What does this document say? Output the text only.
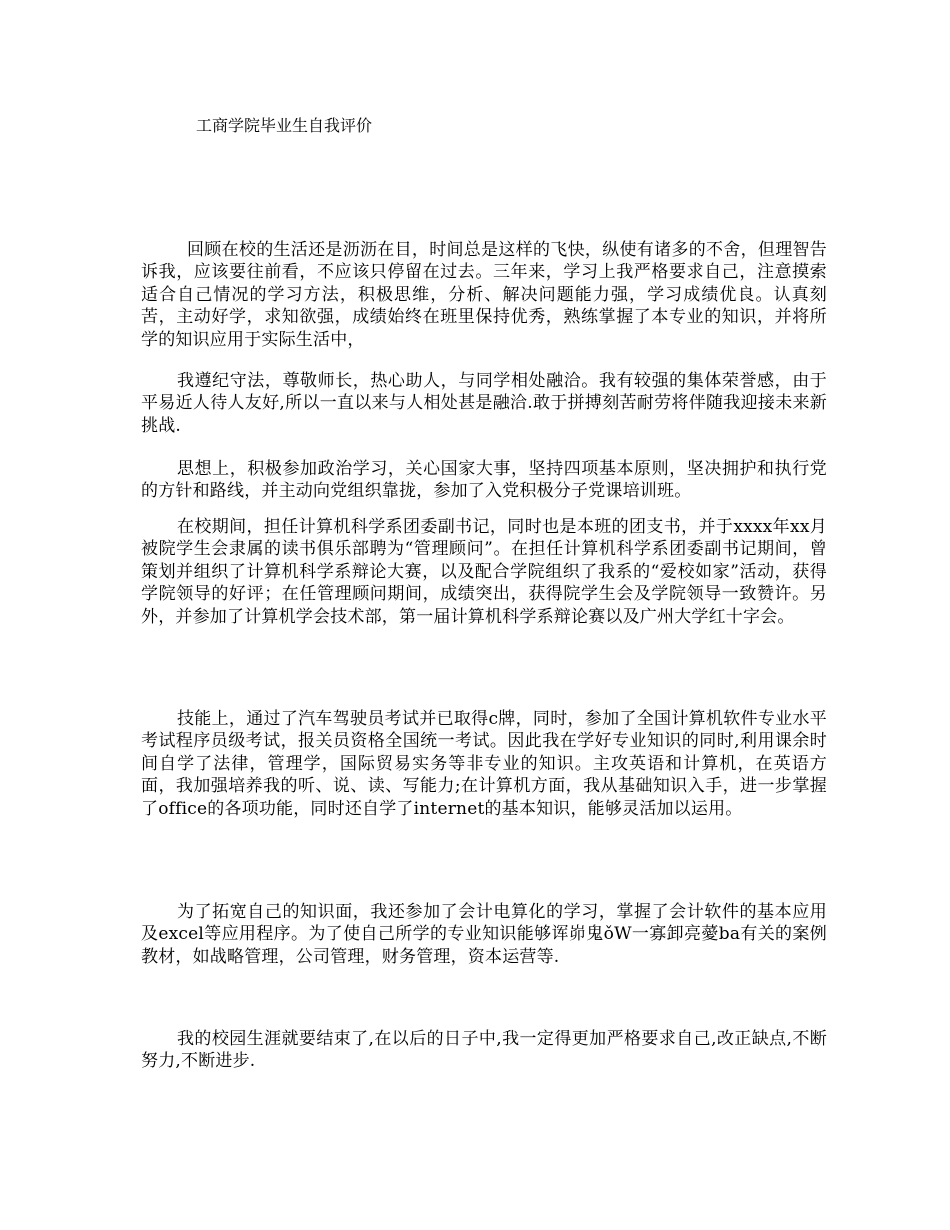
工商学院毕业生自我评价

回顾在校的生活还是沥沥在目，时间总是这样的飞快，纵使有诸多的不舍，但理智告诉我，应该要往前看，不应该只停留在过去。三年来，学习上我严格要求自己，注意摸索适合自己情况的学习方法，积极思维，分析、解决问题能力强，学习成绩优良。认真刻苦，主动好学，求知欲强，成绩始终在班里保持优秀，熟练掌握了本专业的知识，并将所学的知识应用于实际生活中，

我遵纪守法，尊敬师长，热心助人，与同学相处融洽。我有较强的集体荣誉感，由于平易近人待人友好,所以一直以来与人相处甚是融洽.敢于拼搏刻苦耐劳将伴随我迎接未来新挑战.

思想上，积极参加政治学习，关心国家大事，坚持四项基本原则，坚决拥护和执行党的方针和路线，并主动向党组织靠拢，参加了入党积极分子党课培训班。

在校期间，担任计算机科学系团委副书记，同时也是本班的团支书，并于xxxx年xx月被院学生会隶属的读书俱乐部聘为“管理顾问”。在担任计算机科学系团委副书记期间，曾策划并组织了计算机科学系辩论大赛，以及配合学院组织了我系的“爱校如家”活动，获得学院领导的好评；在任管理顾问期间，成绩突出，获得院学生会及学院领导一致赞许。另外，并参加了计算机学会技术部，第一届计算机科学系辩论赛以及广州大学红十字会。

技能上，通过了汽车驾驶员考试并已取得c牌，同时，参加了全国计算机软件专业水平考试程序员级考试，报关员资格全国统一考试。因此我在学好专业知识的同时,利用课余时间自学了法律，管理学，国际贸易实务等非专业的知识。主攻英语和计算机，在英语方面，我加强培养我的听、说、读、写能力;在计算机方面，我从基础知识入手，进一步掌握了office的各项功能，同时还自学了internet的基本知识，能够灵活加以运用。

为了拓宽自己的知识面，我还参加了会计电算化的学习，掌握了会计软件的基本应用及excel等应用程序。为了使自己所学的专业知识能够诨峁鬼ǒW一寡卸亮薆ba有关的案例教材，如战略管理，公司管理，财务管理，资本运营等.

我的校园生涯就要结束了,在以后的日子中,我一定得更加严格要求自己,改正缺点,不断努力,不断进步.
